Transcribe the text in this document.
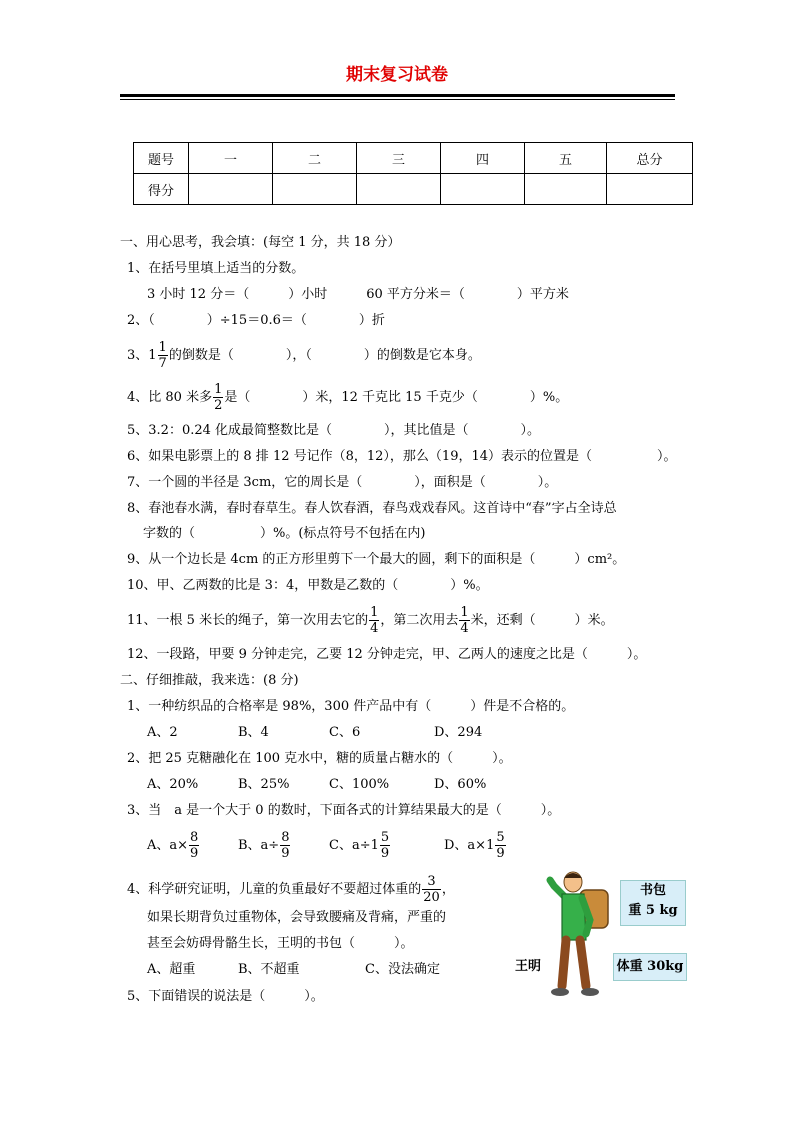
期末复习试卷
题号	一	二	三	四	五	总分
得分						
一、用心思考，我会填：(每空 1 分，共 18 分）
1、在括号里填上适当的分数。
3 小时 12 分＝（　　　）小时　　　60 平方分米＝（　　　　）平方米
2、（　　　　）÷15＝0.6＝（　　　　）折
3、$1 \frac{1}{7}$ 的倒数是（　　　　），（　　　　）的倒数是它本身。
4、比 80 米多 $\frac{1}{2}$ 是（　　　　）米，12 千克比 15 千克少（　　　　）%。
5、3.2：0.24 化成最简整数比是（　　　　），其比值是（　　　　）。
6、如果电影票上的 8 排 12 号记作（8，12），那么（19，14）表示的位置是（　　　　　）。
7、一个圆的半径是 3cm，它的周长是（　　　　），面积是（　　　　）。
8、春池春水满，春时春草生。春人饮春酒，春鸟戏戏春风。这首诗中“春”字占全诗总
字数的（　　　　　）%。(标点符号不包括在内)
9、从一个边长是 4cm 的正方形里剪下一个最大的圆，剩下的面积是（　　　）cm²。
10、甲、乙两数的比是 3：4，甲数是乙数的（　　　　）%。
11、一根 5 米长的绳子，第一次用去它的 $\frac{1}{4}$ ，第二次用去 $\frac{1}{4}$ 米，还剩（　　　）米。
12、一段路，甲要 9 分钟走完，乙要 12 分钟走完，甲、乙两人的速度之比是（　　　）。
二、仔细推敲，我来选：(8 分)
1、一种纺织品的合格率是 98%，300 件产品中有（　　　）件是不合格的。
A、2	B、4	C、6	D、294
2、把 25 克糖融化在 100 克水中，糖的质量占糖水的（　　　）。
A、20%	B、25%	C、100%	D、60%
3、当　a 是一个大于 0 的数时，下面各式的计算结果最大的是（　　　）。
A、$a\times \frac{8}{9}$	B、$a\div \frac{8}{9}$	C、$a\div 1 \frac{5}{9}$	D、$a\times 1 \frac{5}{9}$
4、科学研究证明，儿童的负重最好不要超过体重的 $\frac{3}{20}$ ，
如果长期背负过重物体，会导致腰痛及背痛，严重的
甚至会妨碍骨骼生长，王明的书包（　　　）。
A、超重	B、不超重	C、没法确定
5、下面错误的说法是（　　　）。
书包
重 5 kg
体重 30kg
王明
